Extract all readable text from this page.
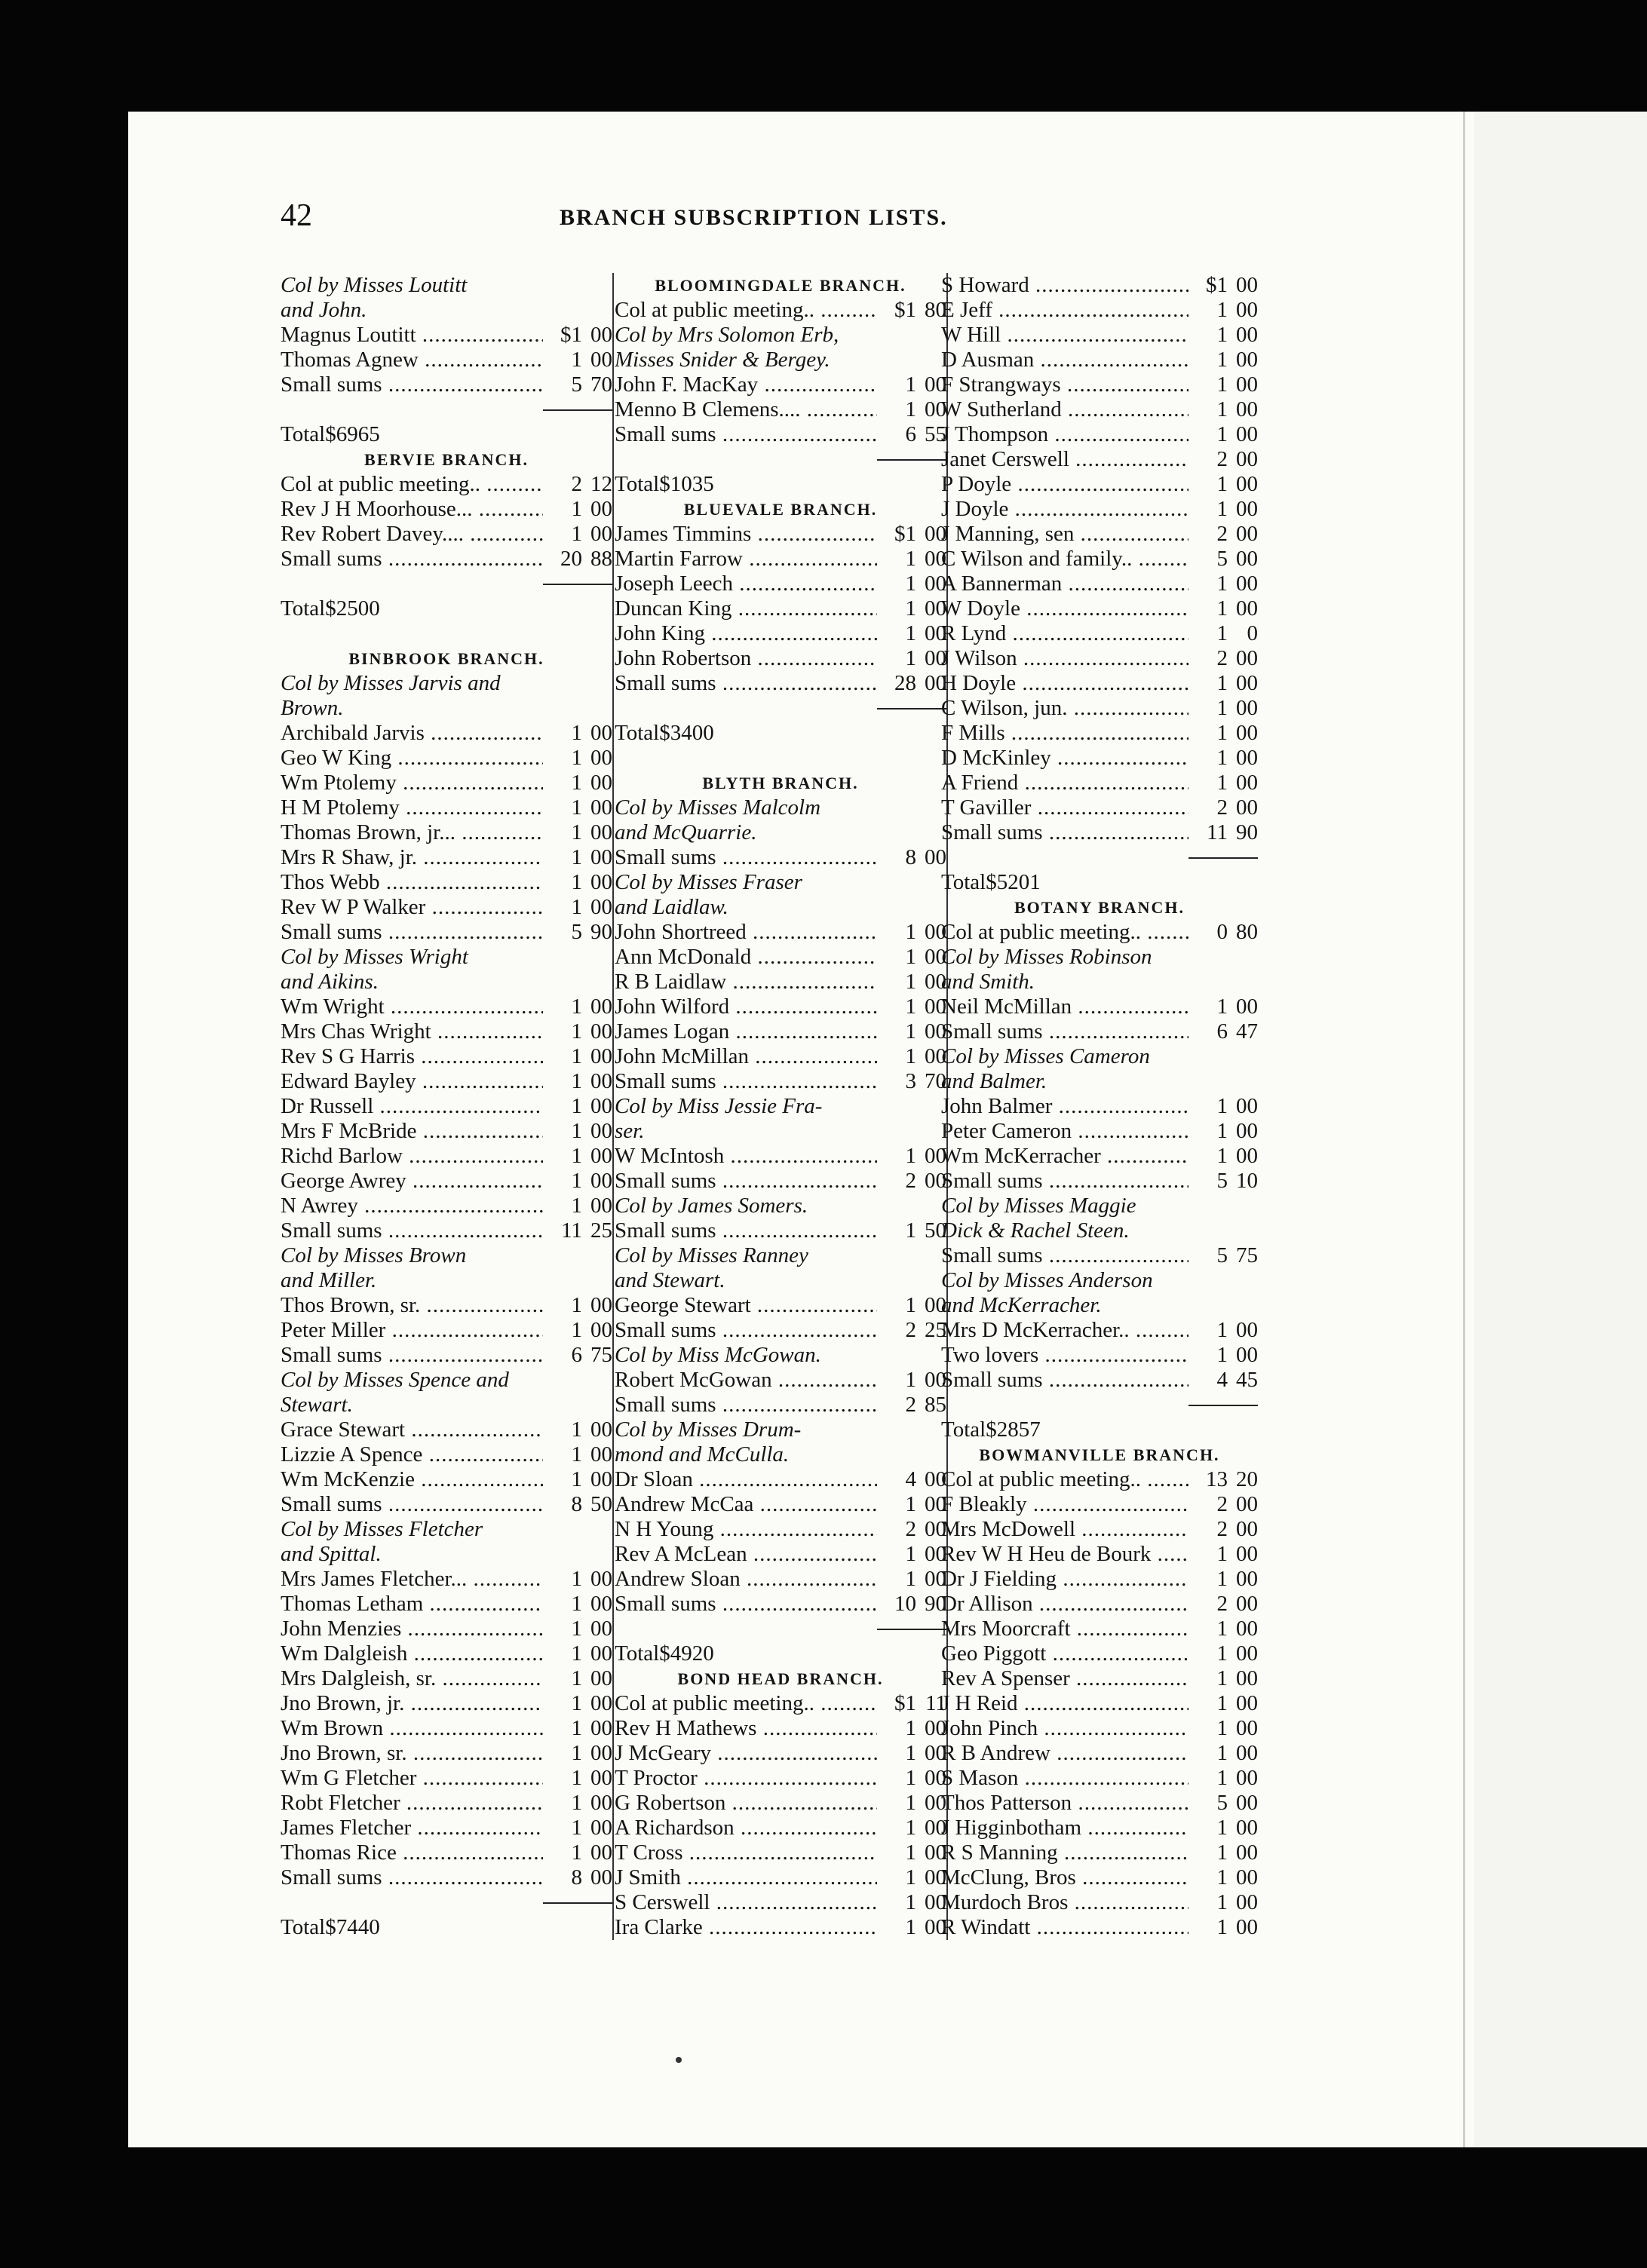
42	BRANCH SUBSCRIPTION LISTS.
Col by Misses Loutitt
and John.
Magnus Loutitt .....	$1 00
Thomas Agnew .....	1 00
Small sums .....	5 70
Total$6965
BERVIE BRANCH.
Col at public meeting.. .....	2 12
Rev J H Moorhouse... .....	1 00
Rev Robert Davey.... .....	1 00
Small sums .....	20 88
Total$2500
BINBROOK BRANCH.
Col by Misses Jarvis and
Brown.
Archibald Jarvis .....	1 00
Geo W King .....	1 00
Wm Ptolemy .....	1 00
H M Ptolemy .....	1 00
Thomas Brown, jr... .....	1 00
Mrs R Shaw, jr. .....	1 00
Thos Webb .....	1 00
Rev W P Walker .....	1 00
Small sums .....	5 90
Col by Misses Wright
and Aikins.
Wm Wright .....	1 00
Mrs Chas Wright .....	1 00
Rev S G Harris .....	1 00
Edward Bayley .....	1 00
Dr Russell .....	1 00
Mrs F McBride .....	1 00
Richd Barlow .....	1 00
George Awrey .....	1 00
N Awrey .....	1 00
Small sums .....	11 25
Col by Misses Brown
and Miller.
Thos Brown, sr. .....	1 00
Peter Miller .....	1 00
Small sums .....	6 75
Col by Misses Spence and
Stewart.
Grace Stewart .....	1 00
Lizzie A Spence .....	1 00
Wm McKenzie .....	1 00
Small sums .....	8 50
Col by Misses Fletcher
and Spittal.
Mrs James Fletcher... .....	1 00
Thomas Letham .....	1 00
John Menzies .....	1 00
Wm Dalgleish .....	1 00
Mrs Dalgleish, sr. .....	1 00
Jno Brown, jr. .....	1 00
Wm Brown .....	1 00
Jno Brown, sr. .....	1 00
Wm G Fletcher .....	1 00
Robt Fletcher .....	1 00
James Fletcher .....	1 00
Thomas Rice .....	1 00
Small sums .....	8 00
Total$7440
BLOOMINGDALE BRANCH.
Col at public meeting.. .....	$1 80
Col by Mrs Solomon Erb,
Misses Snider & Bergey.
John F. MacKay .....	1 00
Menno B Clemens.... .....	1 00
Small sums .....	6 55
Total$1035
BLUEVALE BRANCH.
James Timmins .....	$1 00
Martin Farrow .....	1 00
Joseph Leech .....	1 00
Duncan King .....	1 00
John King .....	1 00
John Robertson .....	1 00
Small sums .....	28 00
Total$3400
BLYTH BRANCH.
Col by Misses Malcolm
and McQuarrie.
Small sums .....	8 00
Col by Misses Fraser
and Laidlaw.
John Shortreed .....	1 00
Ann McDonald .....	1 00
R B Laidlaw .....	1 00
John Wilford .....	1 00
James Logan .....	1 00
John McMillan .....	1 00
Small sums .....	3 70
Col by Miss Jessie Fra-
ser.
W McIntosh .....	1 00
Small sums .....	2 00
Col by James Somers.
Small sums .....	1 50
Col by Misses Ranney
and Stewart.
George Stewart .....	1 00
Small sums .....	2 25
Col by Miss McGowan.
Robert McGowan .....	1 00
Small sums .....	2 85
Col by Misses Drum-
mond and McCulla.
Dr Sloan .....	4 00
Andrew McCaa .....	1 00
N H Young .....	2 00
Rev A McLean .....	1 00
Andrew Sloan .....	1 00
Small sums .....	10 90
Total$4920
BOND HEAD BRANCH.
Col at public meeting.. .....	$1 11
Rev H Mathews .....	1 00
J McGeary .....	1 00
T Proctor .....	1 00
G Robertson .....	1 00
A Richardson .....	1 00
T Cross .....	1 00
J Smith .....	1 00
S Cerswell .....	1 00
Ira Clarke .....	1 00
S Howard .....	$1 00
E Jeff .....	1 00
W Hill .....	1 00
D Ausman .....	1 00
F Strangways .....	1 00
W Sutherland .....	1 00
J Thompson .....	1 00
Janet Cerswell .....	2 00
P Doyle .....	1 00
J Doyle .....	1 00
J Manning, sen .....	2 00
C Wilson and family.. .....	5 00
A Bannerman .....	1 00
W Doyle .....	1 00
R Lynd .....	1 0
J Wilson .....	2 00
H Doyle .....	1 00
C Wilson, jun. .....	1 00
F Mills .....	1 00
D McKinley .....	1 00
A Friend .....	1 00
T Gaviller .....	2 00
Small sums .....	11 90
Total$5201
BOTANY BRANCH.
Col at public meeting.. .....	0 80
Col by Misses Robinson
and Smith.
Neil McMillan .....	1 00
Small sums .....	6 47
Col by Misses Cameron
and Balmer.
John Balmer .....	1 00
Peter Cameron .....	1 00
Wm McKerracher .....	1 00
Small sums .....	5 10
Col by Misses Maggie
Dick & Rachel Steen.
Small sums .....	5 75
Col by Misses Anderson
and McKerracher.
Mrs D McKerracher.. .....	1 00
Two lovers .....	1 00
Small sums .....	4 45
Total$2857
BOWMANVILLE BRANCH.
Col at public meeting.. .....	13 20
F Bleakly .....	2 00
Mrs McDowell .....	2 00
Rev W H Heu de Bourk .....	1 00
Dr J Fielding .....	1 00
Dr Allison .....	2 00
Mrs Moorcraft .....	1 00
Geo Piggott .....	1 00
Rev A Spenser .....	1 00
J H Reid .....	1 00
John Pinch .....	1 00
R B Andrew .....	1 00
S Mason .....	1 00
Thos Patterson .....	5 00
J Higginbotham .....	1 00
R S Manning .....	1 00
McClung, Bros .....	1 00
Murdoch Bros .....	1 00
R Windatt .....	1 00
